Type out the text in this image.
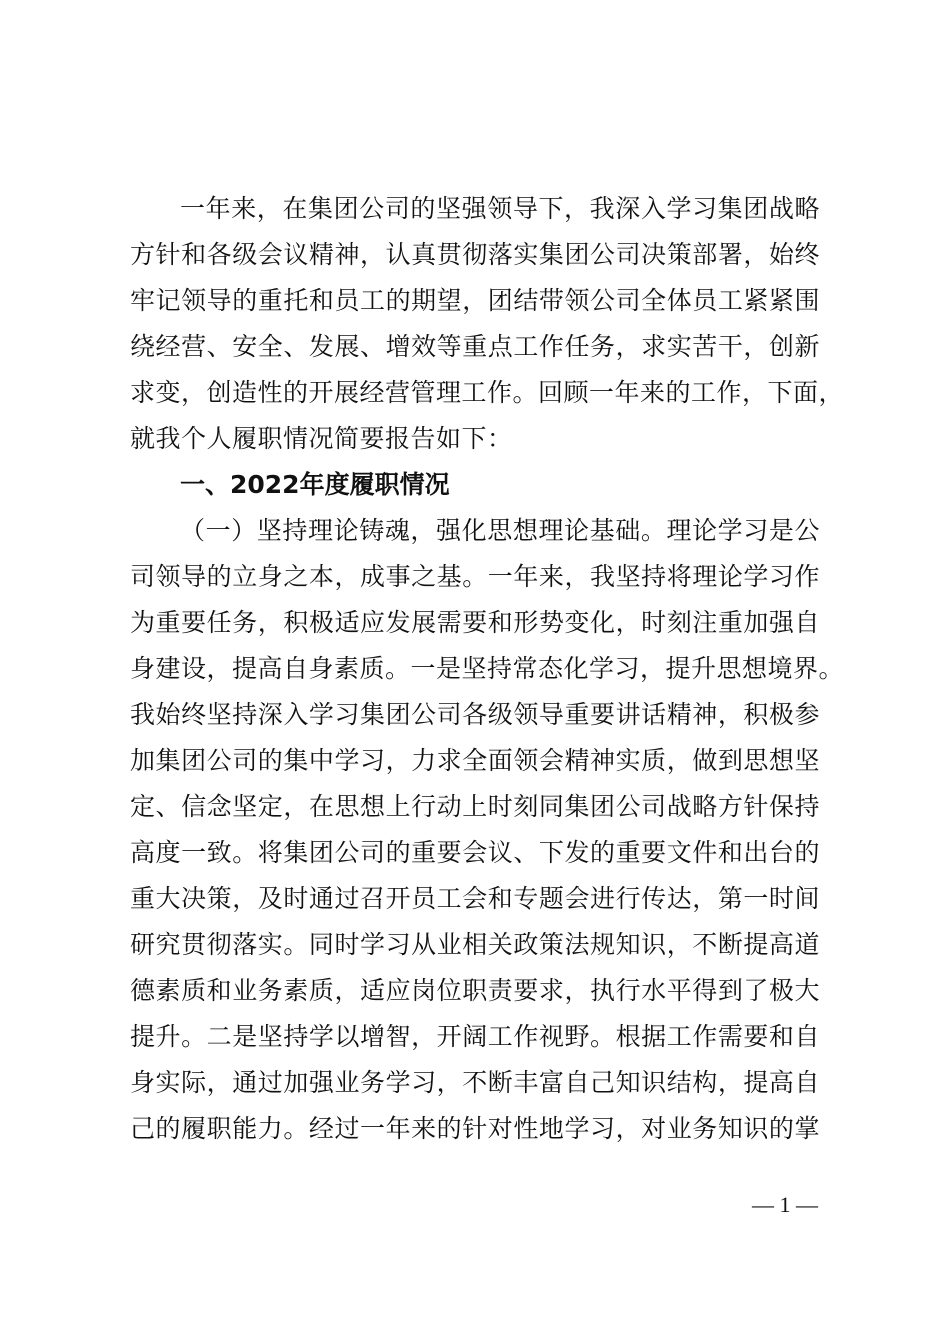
一年来，在集团公司的坚强领导下，我深入学习集团战略
方针和各级会议精神，认真贯彻落实集团公司决策部署，始终
牢记领导的重托和员工的期望，团结带领公司全体员工紧紧围
绕经营、安全、发展、增效等重点工作任务，求实苦干，创新
求变，创造性的开展经营管理工作。回顾一年来的工作，下面，
就我个人履职情况简要报告如下：
一、2022年度履职情况
（一）坚持理论铸魂，强化思想理论基础。理论学习是公
司领导的立身之本，成事之基。一年来，我坚持将理论学习作
为重要任务，积极适应发展需要和形势变化，时刻注重加强自
身建设，提高自身素质。一是坚持常态化学习，提升思想境界。
我始终坚持深入学习集团公司各级领导重要讲话精神，积极参
加集团公司的集中学习，力求全面领会精神实质，做到思想坚
定、信念坚定，在思想上行动上时刻同集团公司战略方针保持
高度一致。将集团公司的重要会议、下发的重要文件和出台的
重大决策，及时通过召开员工会和专题会进行传达，第一时间
研究贯彻落实。同时学习从业相关政策法规知识，不断提高道
德素质和业务素质，适应岗位职责要求，执行水平得到了极大
提升。二是坚持学以增智，开阔工作视野。根据工作需要和自
身实际，通过加强业务学习，不断丰富自己知识结构，提高自
己的履职能力。经过一年来的针对性地学习，对业务知识的掌
— 1 —
